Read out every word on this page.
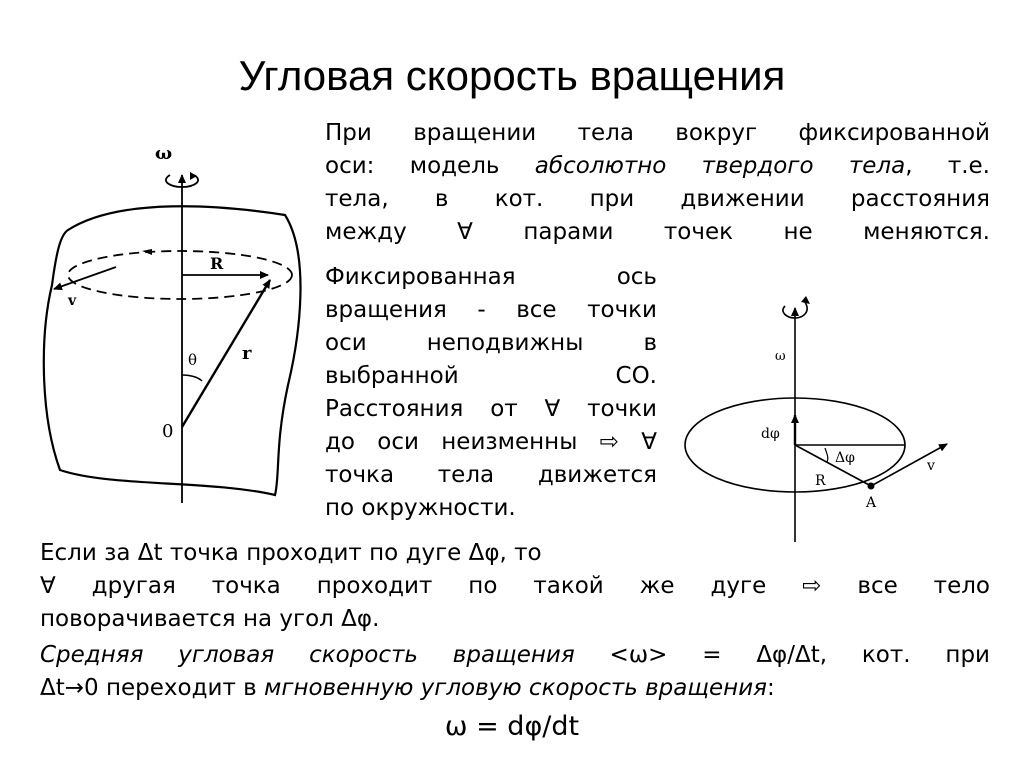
Угловая скорость вращения
ω
R
v
r
θ
0
При вращении тела вокруг фиксированной
оси: модель абсолютно твердого тела, т.е.
тела, в кот. при движении расстояния
между ∀ парами точек не меняются.
Фиксированная ось
вращения - все точки
оси неподвижны в
выбранной СО.
Расстояния от ∀ точки
до оси неизменны ⇨ ∀
точка тела движется
по окружности.
ω
dφ
Δφ
R
A
v
Если за Δt точка проходит по дуге Δφ, то
∀ другая точка проходит по такой же дуге ⇨ все тело
поворачивается на угол Δφ.
Средняя угловая скорость вращения <ω> = Δφ/Δt, кот. при
Δt→0 переходит в мгновенную угловую скорость вращения:
ω = dφ/dt
